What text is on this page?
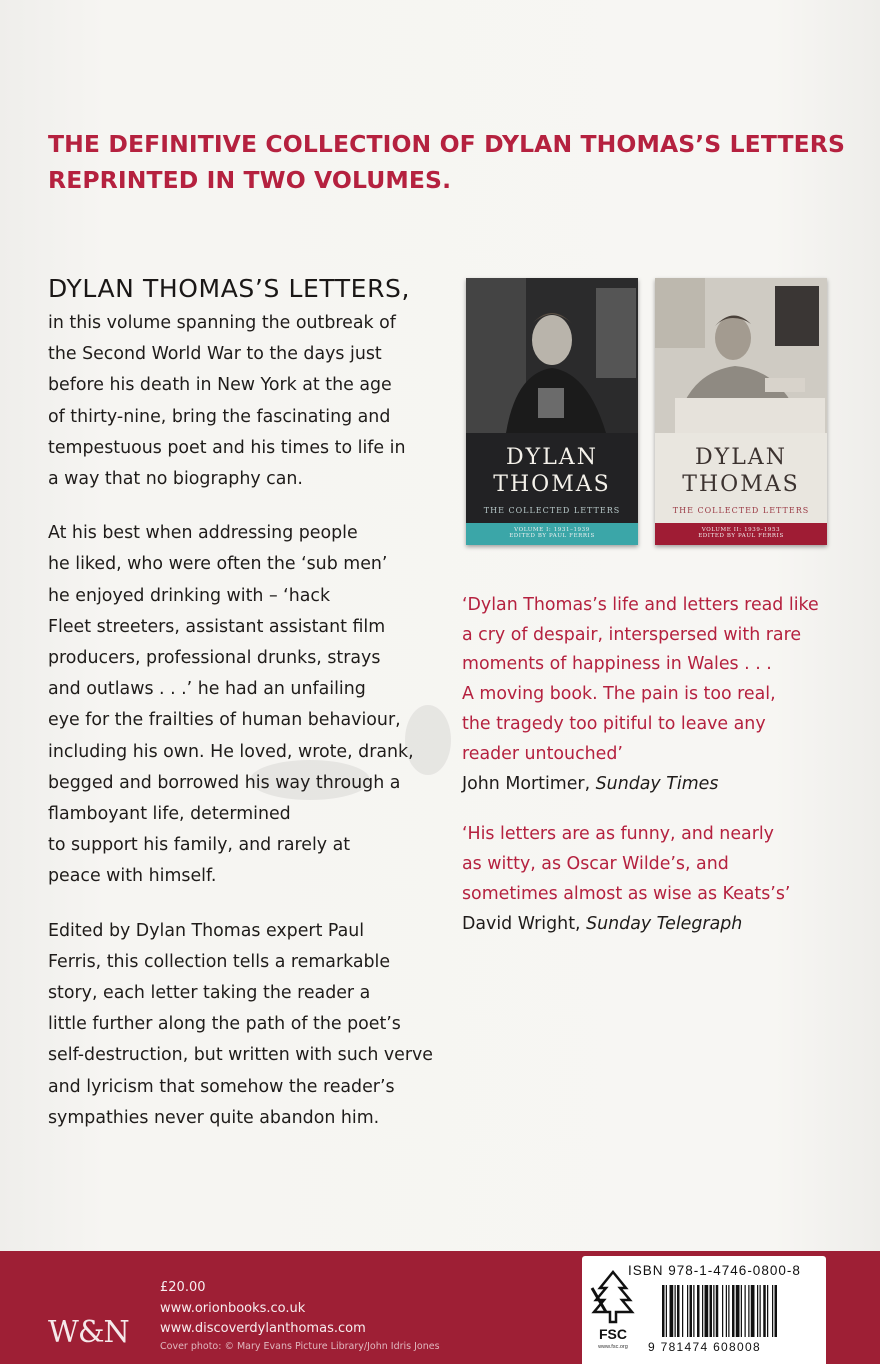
THE DEFINITIVE COLLECTION OF DYLAN THOMAS’S LETTERS
REPRINTED IN TWO VOLUMES.
DYLAN THOMAS’S LETTERS,
in this volume spanning the outbreak of
the Second World War to the days just
before his death in New York at the age
of thirty-nine, bring the fascinating and
tempestuous poet and his times to life in
a way that no biography can.
At his best when addressing people
he liked, who were often the ‘sub men’
he enjoyed drinking with – ‘hack
Fleet streeters, assistant assistant film
producers, professional drunks, strays
and outlaws . . .’ he had an unfailing
eye for the frailties of human behaviour,
including his own. He loved, wrote, drank,
begged and borrowed his way through a
flamboyant life, determined
to support his family, and rarely at
peace with himself.
Edited by Dylan Thomas expert Paul
Ferris, this collection tells a remarkable
story, each letter taking the reader a
little further along the path of the poet’s
self-destruction, but written with such verve
and lyricism that somehow the reader’s
sympathies never quite abandon him.
DYLAN
THOMAS
THE COLLECTED LETTERS
VOLUME I: 1931–1939
EDITED BY PAUL FERRIS
DYLAN
THOMAS
THE COLLECTED LETTERS
VOLUME II: 1939–1953
EDITED BY PAUL FERRIS
‘Dylan Thomas’s life and letters read like
a cry of despair, interspersed with rare
moments of happiness in Wales . . .
A moving book. The pain is too real,
the tragedy too pitiful to leave any
reader untouched’
John Mortimer, Sunday Times
‘His letters are as funny, and nearly
as witty, as Oscar Wilde’s, and
sometimes almost as wise as Keats’s’
David Wright, Sunday Telegraph
W&N
£20.00
www.orionbooks.co.uk
www.discoverdylanthomas.com
Cover photo: © Mary Evans Picture Library/John Idris Jones
ISBN 978-1-4746-0800-8
FSC
www.fsc.org	9 781474 608008
